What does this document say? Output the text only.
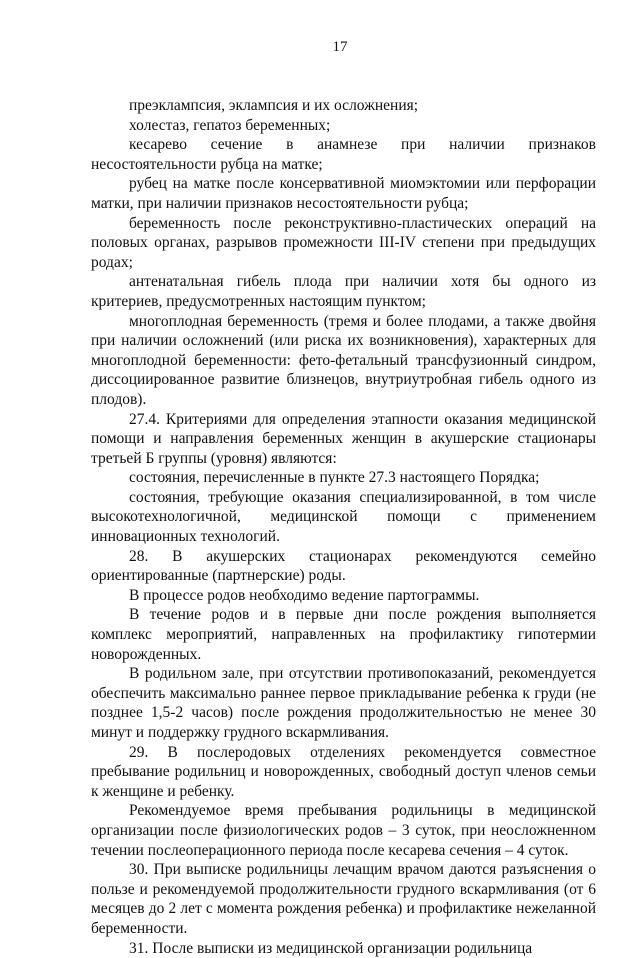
17

преэклампсия, эклампсия и их осложнения;

холестаз, гепатоз беременных;

кесарево сечение в анамнезе при наличии признаков несостоятельности рубца на матке;

рубец на матке после консервативной миомэктомии или перфорации матки, при наличии признаков несостоятельности рубца;

беременность после реконструктивно-пластических операций на половых органах, разрывов промежности III-IV степени при предыдущих родах;

антенатальная гибель плода при наличии хотя бы одного из критериев, предусмотренных настоящим пунктом;

многоплодная беременность (тремя и более плодами, а также двойня при наличии осложнений (или риска их возникновения), характерных для многоплодной беременности: фето-фетальный трансфузионный синдром, диссоциированное развитие близнецов, внутриутробная гибель одного из плодов).

27.4. Критериями для определения этапности оказания медицинской помощи и направления беременных женщин в акушерские стационары третьей Б группы (уровня) являются:

состояния, перечисленные в пункте 27.3 настоящего Порядка;

состояния, требующие оказания специализированной, в том числе высокотехнологичной, медицинской помощи с применением инновационных технологий.

28. В акушерских стационарах рекомендуются семейно ориентированные (партнерские) роды.

В процессе родов необходимо ведение партограммы.

В течение родов и в первые дни после рождения выполняется комплекс мероприятий, направленных на профилактику гипотермии новорожденных.

В родильном зале, при отсутствии противопоказаний, рекомендуется обеспечить максимально раннее первое прикладывание ребенка к груди (не позднее 1,5-2 часов) после рождения продолжительностью не менее 30 минут и поддержку грудного вскармливания.

29. В послеродовых отделениях рекомендуется совместное пребывание родильниц и новорожденных, свободный доступ членов семьи к женщине и ребенку.

Рекомендуемое время пребывания родильницы в медицинской организации после физиологических родов – 3 суток, при неосложненном течении послеоперационного периода после кесарева сечения – 4 суток.

30. При выписке родильницы лечащим врачом даются разъяснения о пользе и рекомендуемой продолжительности грудного вскармливания (от 6 месяцев до 2 лет с момента рождения ребенка) и профилактике нежеланной беременности.

31. После выписки из медицинской организации родильница
